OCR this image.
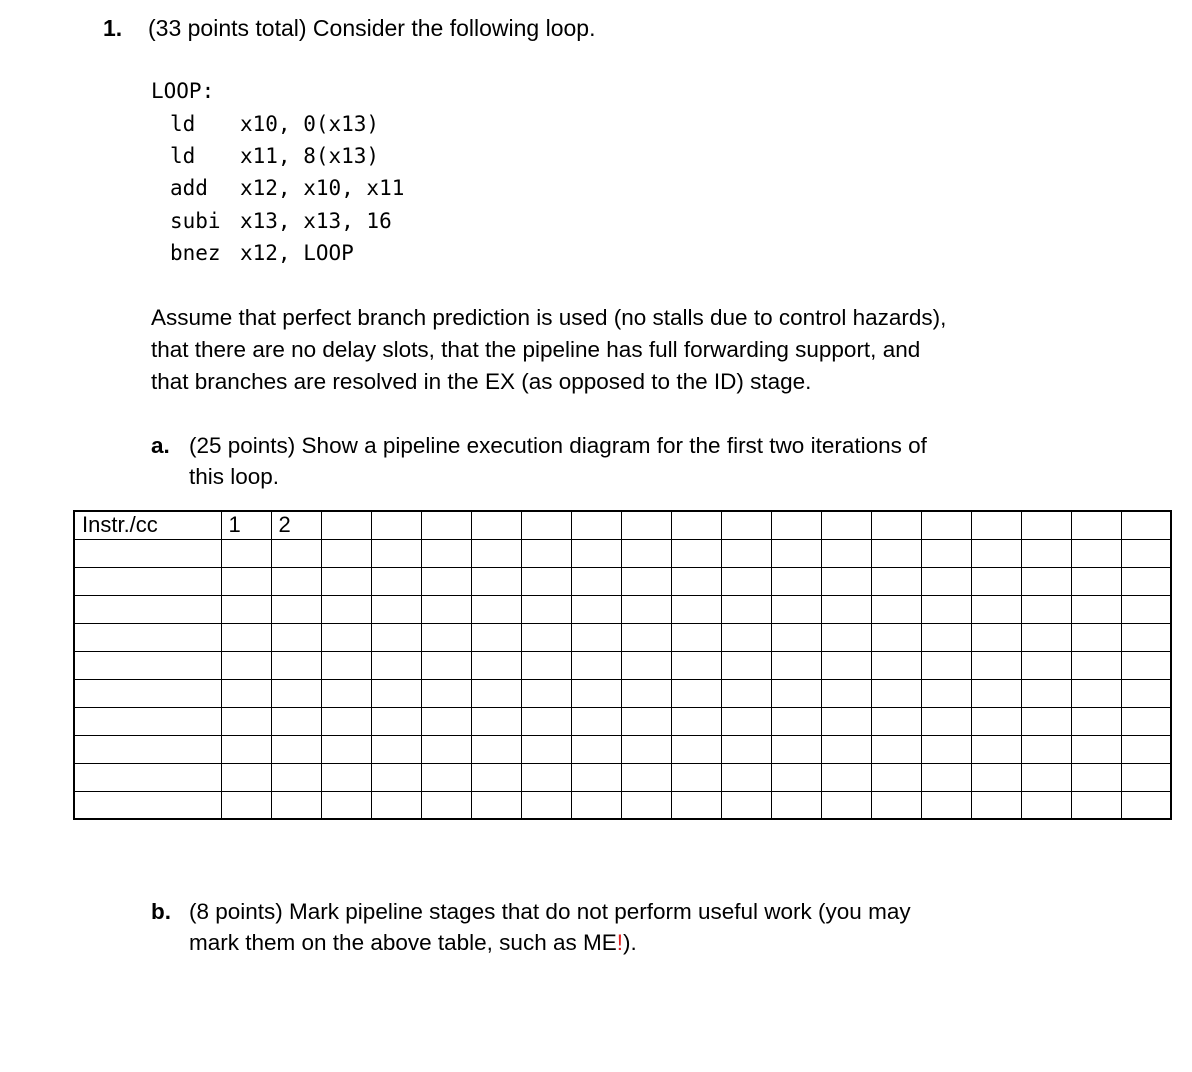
1. (33 points total) Consider the following loop.
LOOP:
ld x10, 0(x13)
ld x11, 8(x13)
add x12, x10, x11
subi x13, x13, 16
bnez x12, LOOP
Assume that perfect branch prediction is used (no stalls due to control hazards),
that there are no delay slots, that the pipeline has full forwarding support, and
that branches are resolved in the EX (as opposed to the ID) stage.
a. (25 points) Show a pipeline execution diagram for the first two iterations of
this loop.
Instr./cc	1	2																	

b. (8 points) Mark pipeline stages that do not perform useful work (you may
mark them on the above table, such as ME!).
